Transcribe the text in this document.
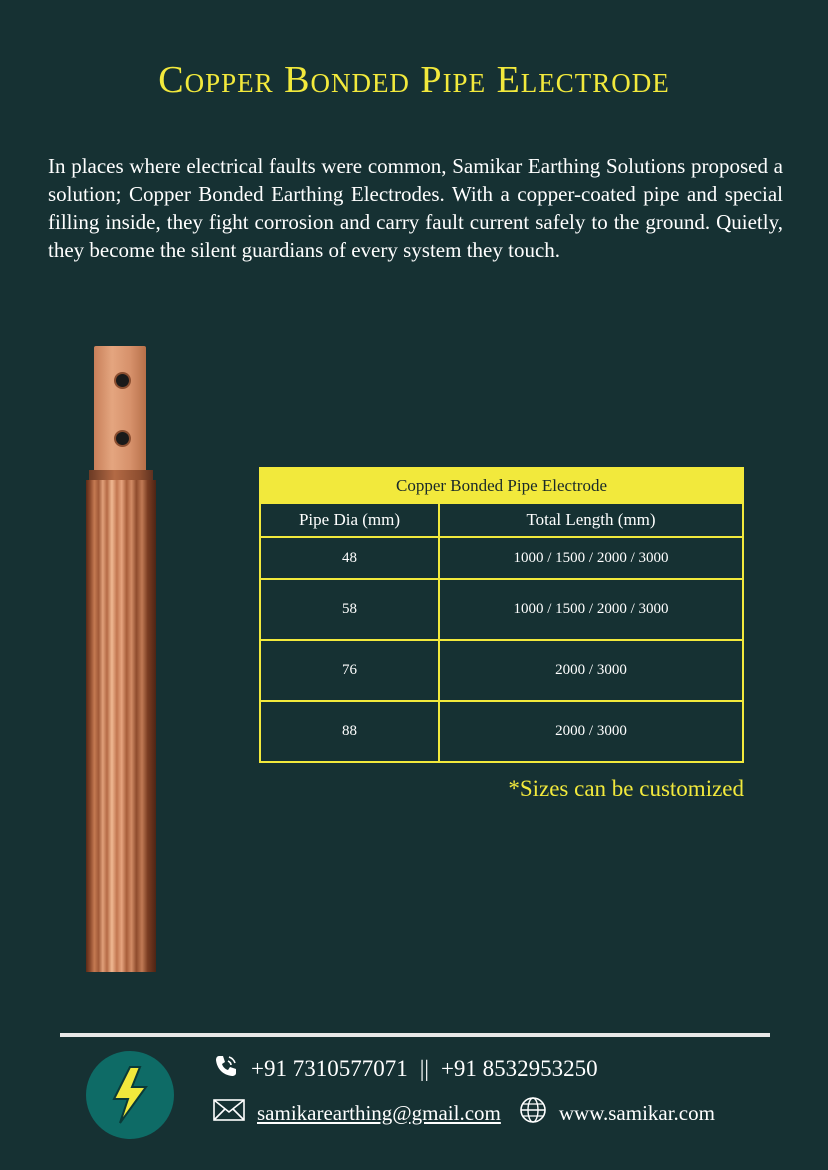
Copper Bonded Pipe Electrode
In places where electrical faults were common, Samikar Earthing Solutions proposed a solution; Copper Bonded Earthing Electrodes. With a copper-coated pipe and special filling inside, they fight corrosion and carry fault current safely to the ground. Quietly, they become the silent guardians of every system they touch.
Copper Bonded Pipe Electrode	
Pipe Dia (mm)	Total Length (mm)
48	1000 / 1500 / 2000 / 3000
58	1000 / 1500 / 2000 / 3000
76	2000 / 3000
88	2000 / 3000
*Sizes can be customized
+91 7310577071 || +91 8532953250
samikarearthing@gmail.com	www.samikar.com
